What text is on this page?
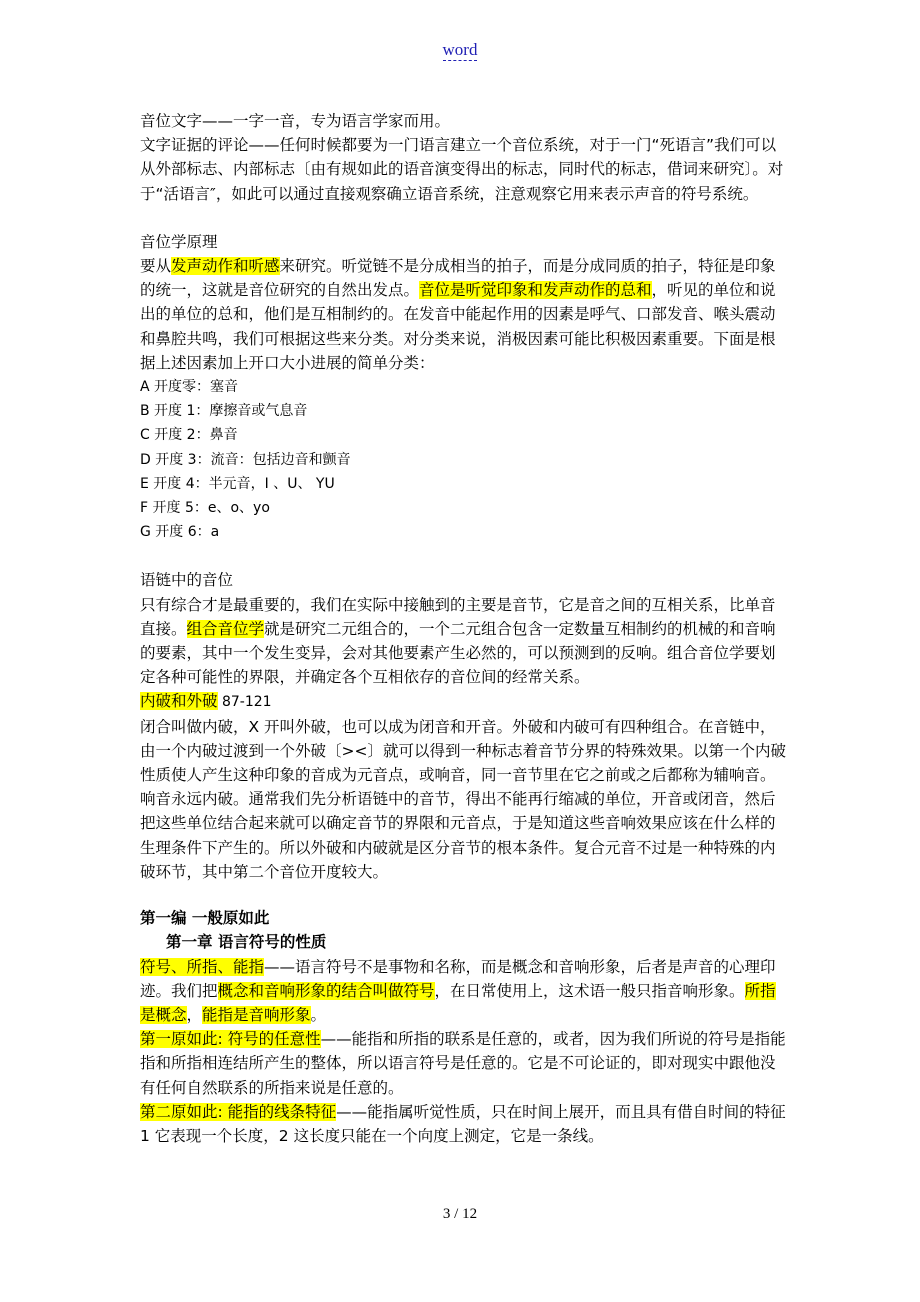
word

音位文字——一字一音，专为语言学家而用。

文字证据的评论——任何时候都要为一门语言建立一个音位系统，对于一门“死语言”我们可以从外部标志、内部标志〔由有规如此的语音演变得出的标志，同时代的标志，借词来研究〕。对于“活语言″，如此可以通过直接观察确立语音系统，注意观察它用来表示声音的符号系统。

音位学原理

要从发声动作和听感来研究。听觉链不是分成相当的拍子，而是分成同质的拍子，特征是印象的统一，这就是音位研究的自然出发点。音位是听觉印象和发声动作的总和，听见的单位和说出的单位的总和，他们是互相制约的。在发音中能起作用的因素是呼气、口部发音、喉头震动和鼻腔共鸣，我们可根据这些来分类。对分类来说，消极因素可能比积极因素重要。下面是根据上述因素加上开口大小进展的简单分类：

A 开度零：塞音

B 开度 1：摩擦音或气息音

C 开度 2：鼻音

D 开度 3：流音：包括边音和颤音

E 开度 4：半元音，I 、U、 YU

F 开度 5：e、o、yo

G 开度 6：a

语链中的音位

只有综合才是最重要的，我们在实际中接触到的主要是音节，它是音之间的互相关系，比单音直接。组合音位学就是研究二元组合的，一个二元组合包含一定数量互相制约的机械的和音响的要素，其中一个发生变异，会对其他要素产生必然的，可以预测到的反响。组合音位学要划定各种可能性的界限，并确定各个互相依存的音位间的经常关系。

内破和外破 87-121

闭合叫做内破，X 开叫外破，也可以成为闭音和开音。外破和内破可有四种组合。在音链中，由一个内破过渡到一个外破〔><〕就可以得到一种标志着音节分界的特殊效果。以第一个内破性质使人产生这种印象的音成为元音点，或响音，同一音节里在它之前或之后都称为辅响音。响音永远内破。通常我们先分析语链中的音节，得出不能再行缩减的单位，开音或闭音，然后把这些单位结合起来就可以确定音节的界限和元音点，于是知道这些音响效果应该在什么样的生理条件下产生的。所以外破和内破就是区分音节的根本条件。复合元音不过是一种特殊的内破环节，其中第二个音位开度较大。

第一编 一般原如此

第一章 语言符号的性质

符号、所指、能指——语言符号不是事物和名称，而是概念和音响形象，后者是声音的心理印迹。我们把概念和音响形象的结合叫做符号，在日常使用上，这术语一般只指音响形象。所指是概念，能指是音响形象。

第一原如此: 符号的任意性——能指和所指的联系是任意的，或者，因为我们所说的符号是指能指和所指相连结所产生的整体，所以语言符号是任意的。它是不可论证的，即对现实中跟他没有任何自然联系的所指来说是任意的。

第二原如此: 能指的线条特征——能指属听觉性质，只在时间上展开，而且具有借自时间的特征 1 它表现一个长度，2 这长度只能在一个向度上测定，它是一条线。

3 / 12
